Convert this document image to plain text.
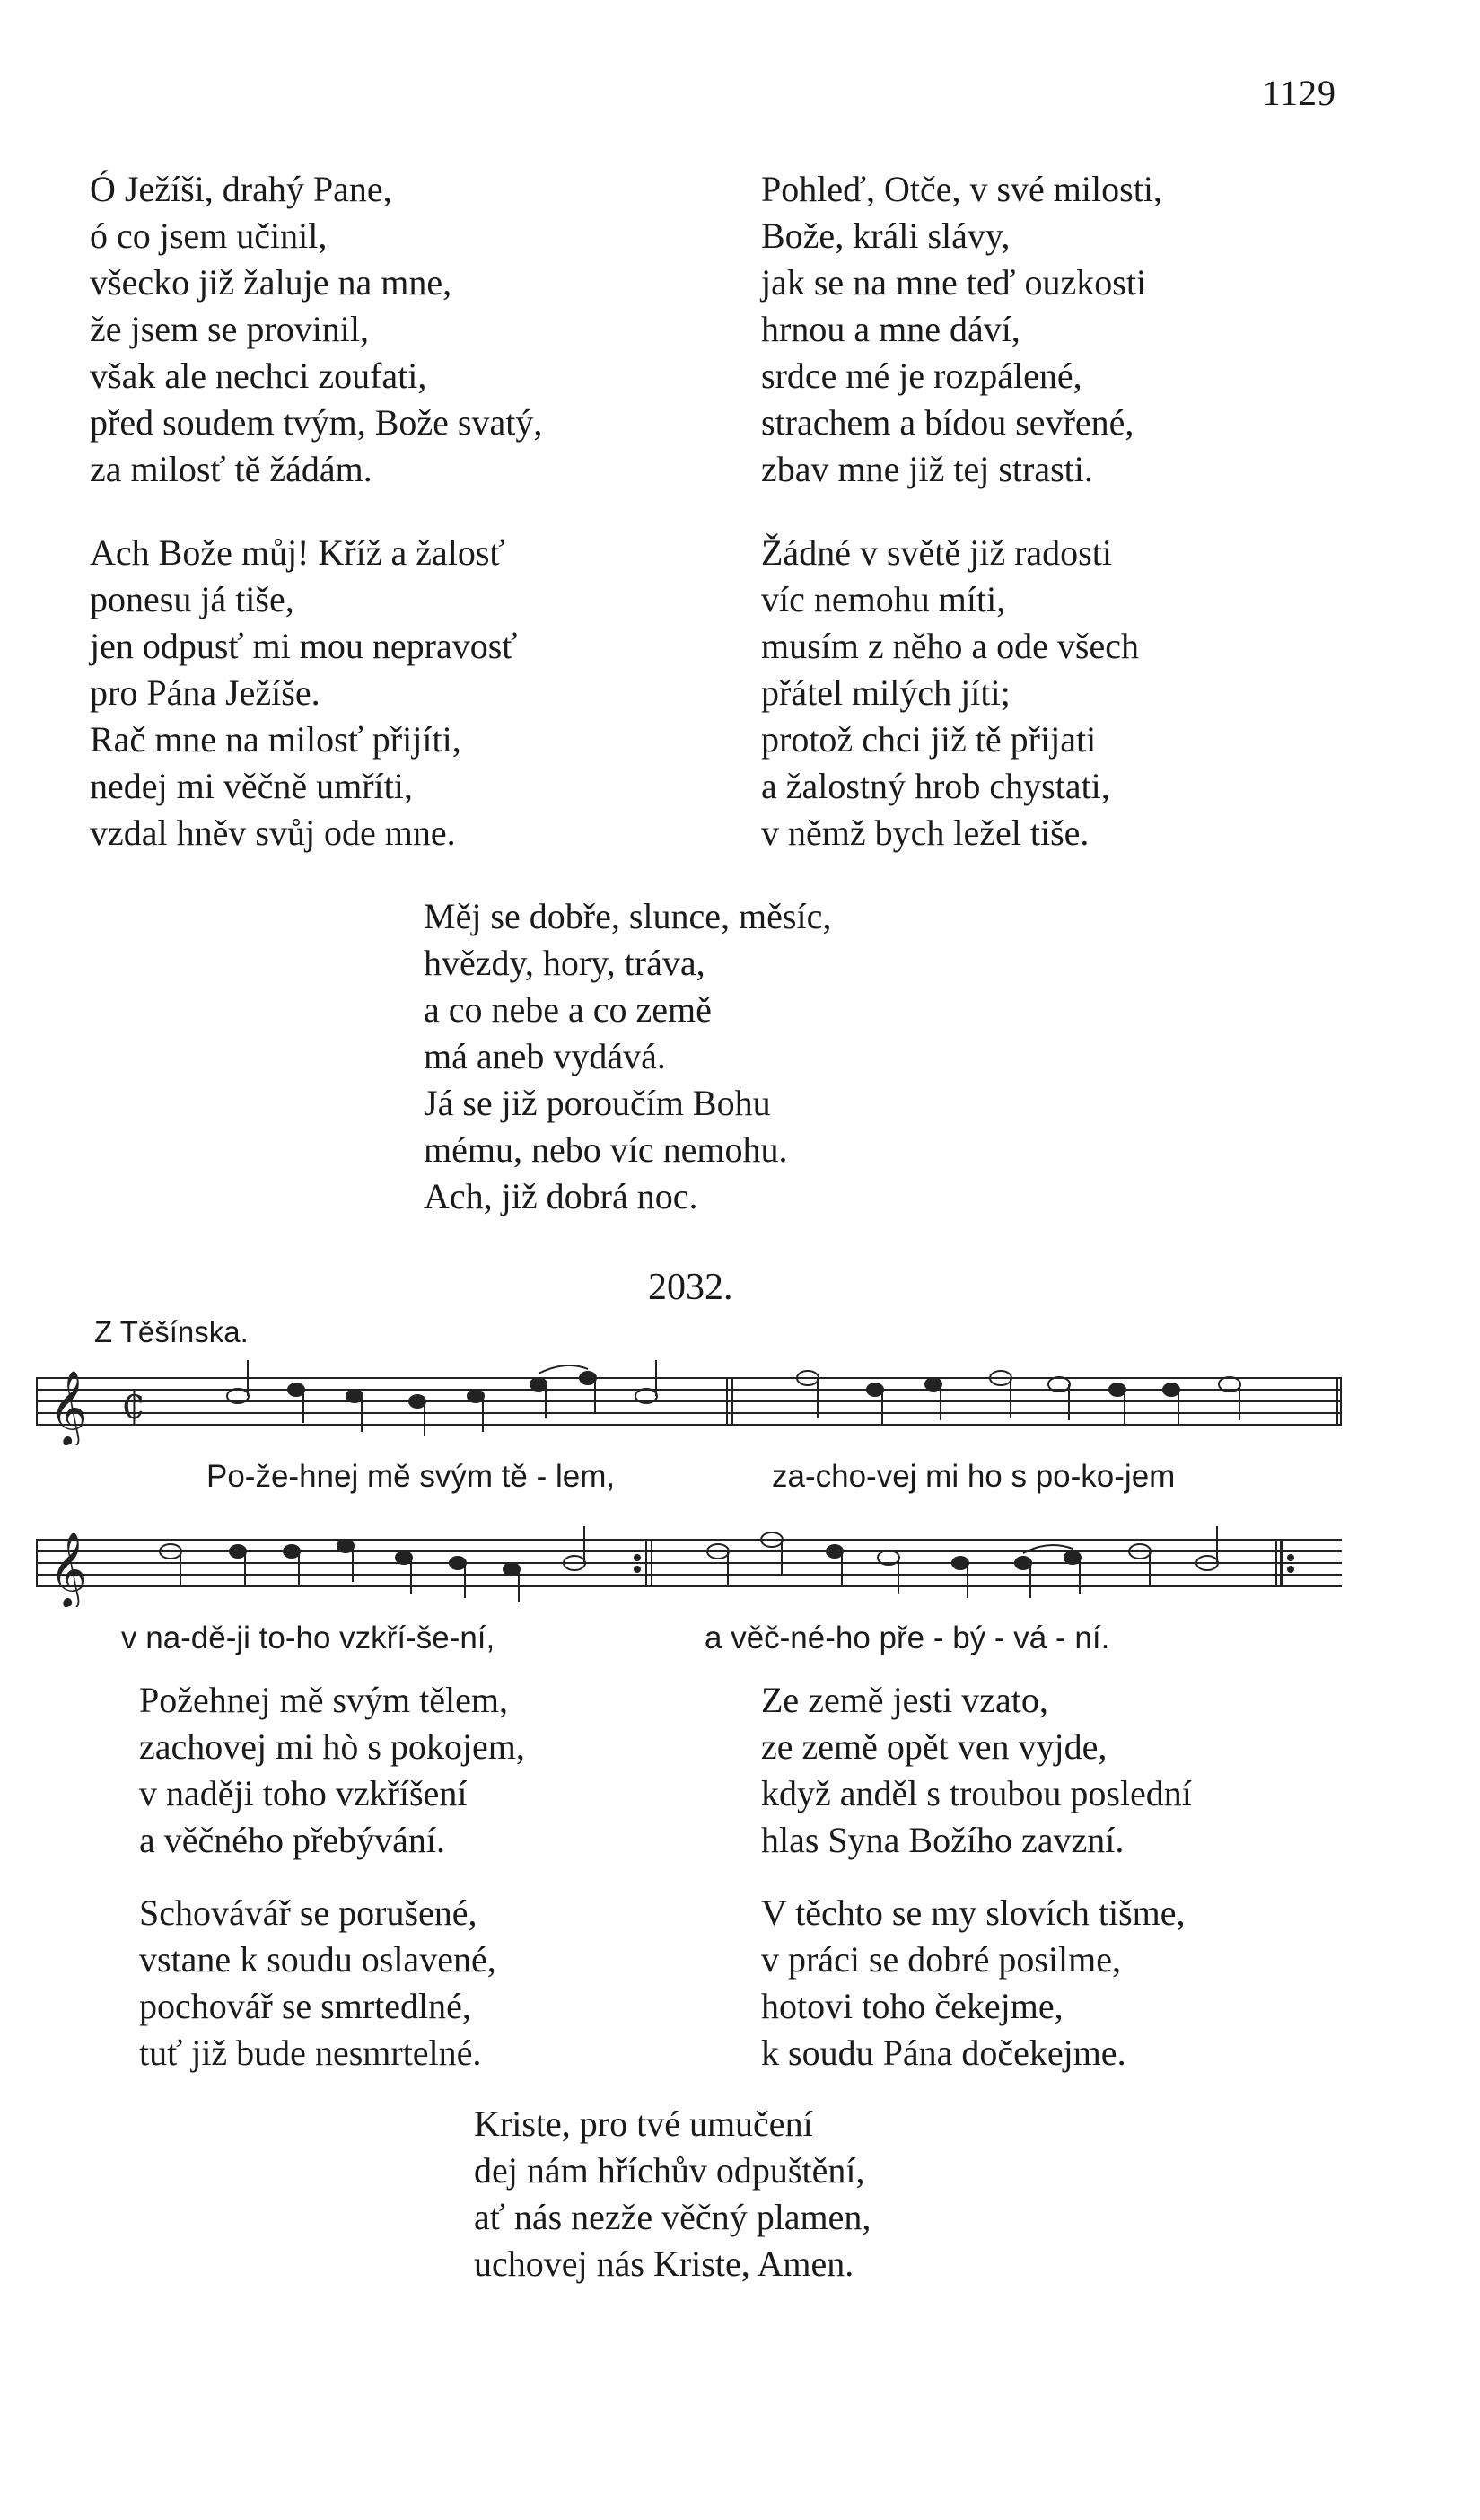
1129
Ó Ježíši, drahý Pane,
ó co jsem učinil,
všecko již žaluje na mne,
že jsem se provinil,
však ale nechci zoufati,
před soudem tvým, Bože svatý,
za milosť tě žádám.
Ach Bože můj! Kříž a žalosť
ponesu já tiše,
jen odpusť mi mou nepravosť
pro Pána Ježíše.
Rač mne na milosť přijíti,
nedej mi věčně umříti,
vzdal hněv svůj ode mne.
Pohleď, Otče, v své milosti,
Bože, králi slávy,
jak se na mne teď ouzkosti
hrnou a mne dáví,
srdce mé je rozpálené,
strachem a bídou sevřené,
zbav mne již tej strasti.
Žádné v světě již radosti
víc nemohu míti,
musím z něho a ode všech
přátel milých jíti;
protož chci již tě přijati
a žalostný hrob chystati,
v němž bych ležel tiše.
Měj se dobře, slunce, měsíc,
hvězdy, hory, tráva,
a co nebe a co země
má aneb vydává.
Já se již poroučím Bohu
mému, nebo víc nemohu.
Ach, již dobrá noc.
2032.
Z Těšínska.
𝄞 ₵
Po-že-hnej mě svým tě - lem,	za-cho-vej mi ho s po-ko-jem
𝄞
v na-dě-ji to-ho vzkří-še-ní,	a věč-né-ho pře - bý - vá - ní.
Požehnej mě svým tělem,
zachovej mi hò s pokojem,
v naději toho vzkříšení
a věčného přebývání.
Schovávář se porušené,
vstane k soudu oslavené,
pochovář se smrtedlné,
tuť již bude nesmrtelné.
Ze země jesti vzato,
ze země opět ven vyjde,
když anděl s troubou poslední
hlas Syna Božího zavzní.
V těchto se my slovích tišme,
v práci se dobré posilme,
hotovi toho čekejme,
k soudu Pána dočekejme.
Kriste, pro tvé umučení
dej nám hříchův odpuštění,
ať nás nezže věčný plamen,
uchovej nás Kriste, Amen.
